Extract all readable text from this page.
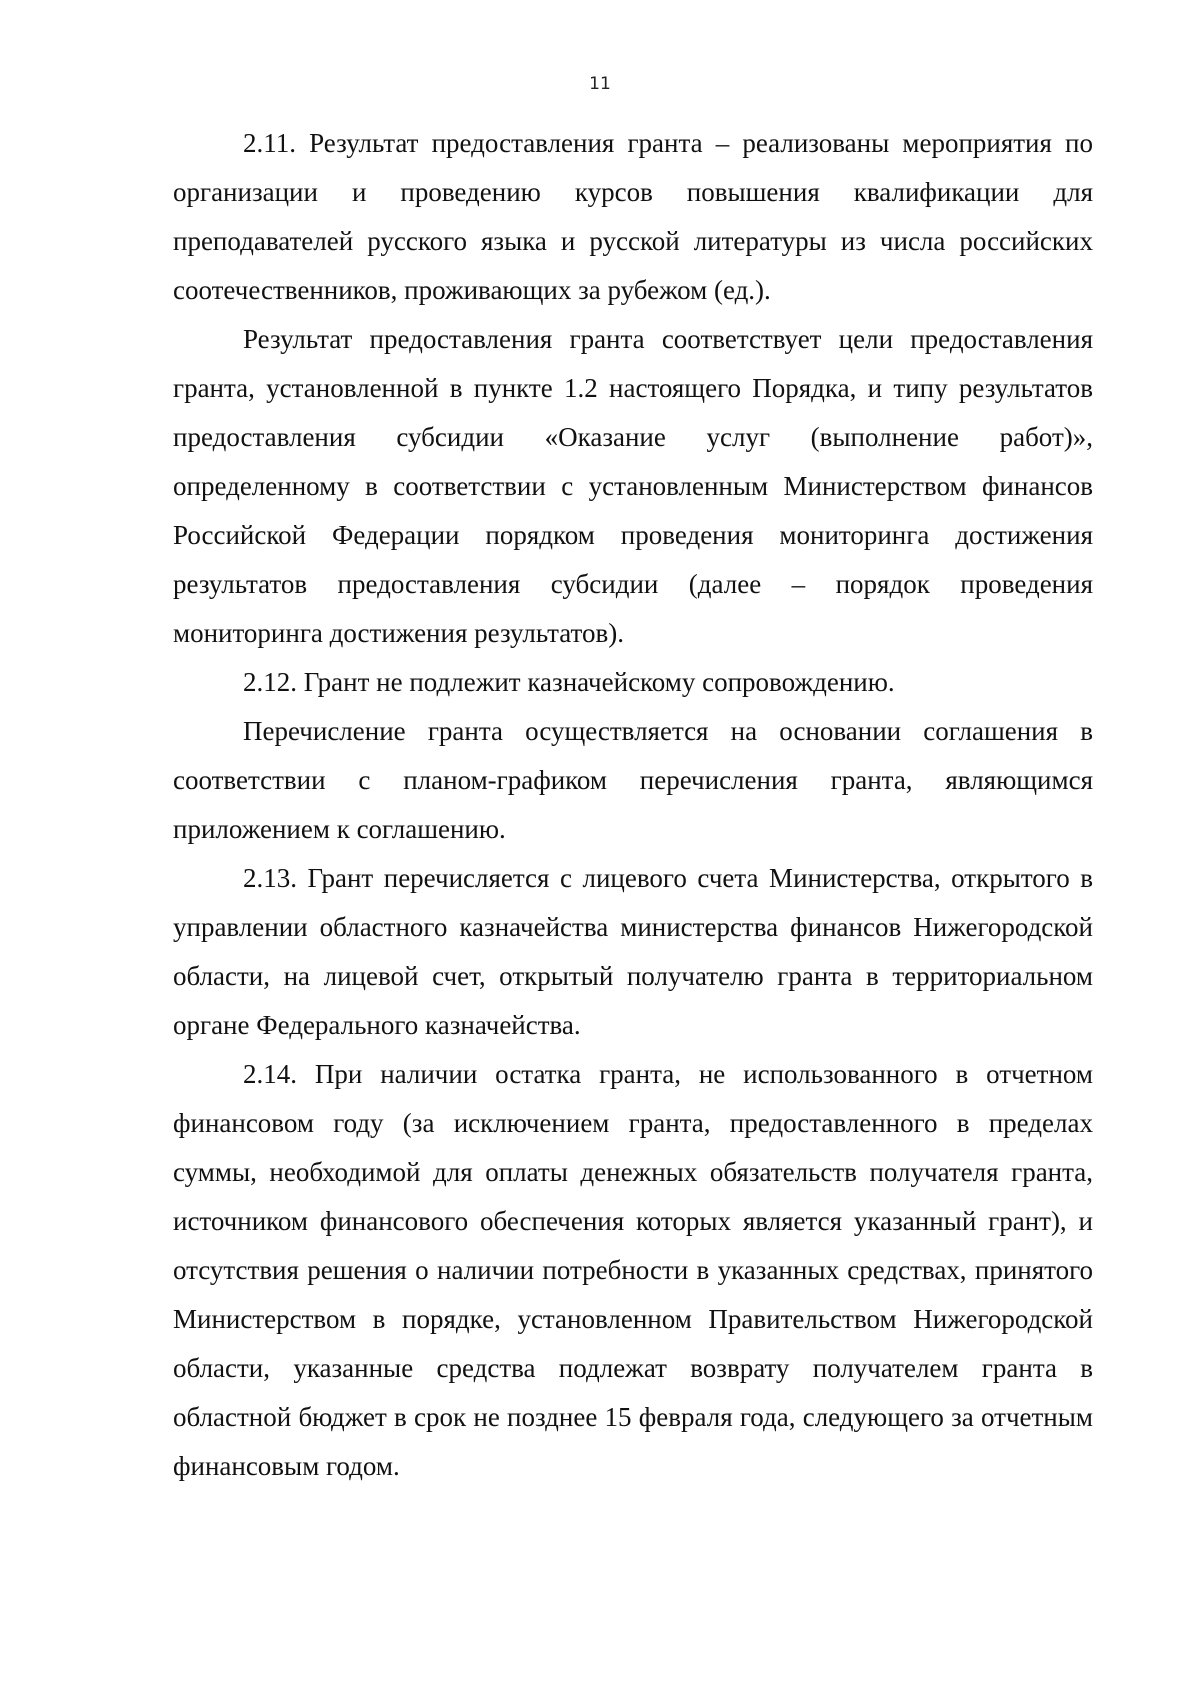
11

2.11. Результат предоставления гранта – реализованы мероприятия по организации и проведению курсов повышения квалификации для преподавателей русского языка и русской литературы из числа российских соотечественников, проживающих за рубежом (ед.).

Результат предоставления гранта соответствует цели предоставления гранта, установленной в пункте 1.2 настоящего Порядка, и типу результатов предоставления субсидии «Оказание услуг (выполнение работ)», определенному в соответствии с установленным Министерством финансов Российской Федерации порядком проведения мониторинга достижения результатов предоставления субсидии (далее – порядок проведения мониторинга достижения результатов).

2.12. Грант не подлежит казначейскому сопровождению.

Перечисление гранта осуществляется на основании соглашения в соответствии с планом-графиком перечисления гранта, являющимся приложением к соглашению.

2.13. Грант перечисляется с лицевого счета Министерства, открытого в управлении областного казначейства министерства финансов Нижегородской области, на лицевой счет, открытый получателю гранта в территориальном органе Федерального казначейства.

2.14. При наличии остатка гранта, не использованного в отчетном финансовом году (за исключением гранта, предоставленного в пределах суммы, необходимой для оплаты денежных обязательств получателя гранта, источником финансового обеспечения которых является указанный грант), и отсутствия решения о наличии потребности в указанных средствах, принятого Министерством в порядке, установленном Правительством Нижегородской области, указанные средства подлежат возврату получателем гранта в областной бюджет в срок не позднее 15 февраля года, следующего за отчетным финансовым годом.
